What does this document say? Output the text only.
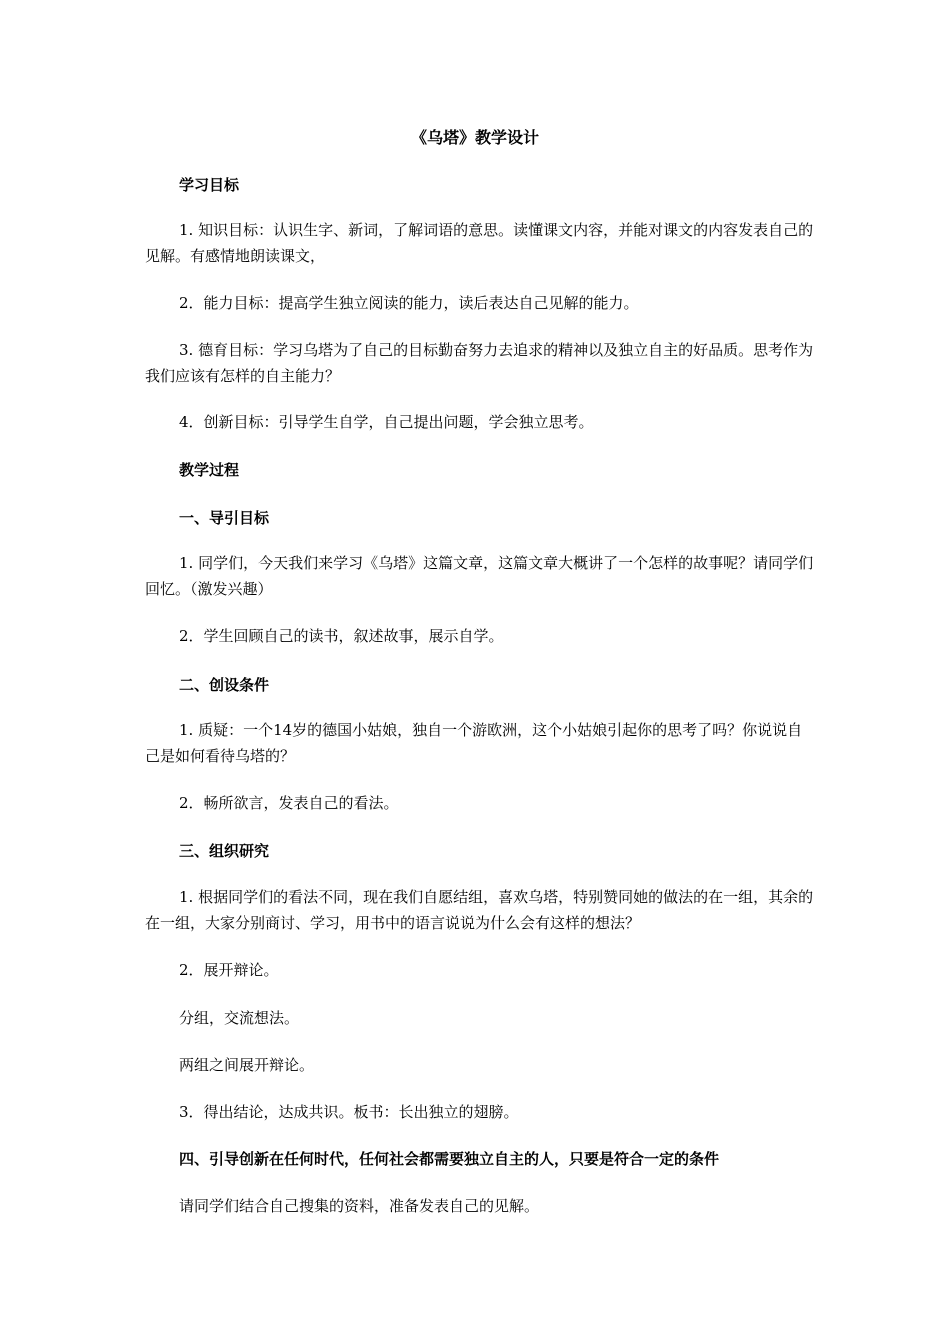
《乌塔》教学设计

学习目标

1. 知识目标：认识生字、新词，了解词语的意思。读懂课文内容，并能对课文的内容发表自己的见解。有感情地朗读课文，

2．能力目标：提高学生独立阅读的能力，读后表达自己见解的能力。

3. 德育目标：学习乌塔为了自己的目标勤奋努力去追求的精神以及独立自主的好品质。思考作为我们应该有怎样的自主能力？

4．创新目标：引导学生自学，自己提出问题，学会独立思考。

教学过程

一、导引目标

1. 同学们，今天我们来学习《乌塔》这篇文章，这篇文章大概讲了一个怎样的故事呢？请同学们回忆。（激发兴趣）

2．学生回顾自己的读书，叙述故事，展示自学。

二、创设条件

1. 质疑：一个14岁的德国小姑娘，独自一个游欧洲，这个小姑娘引起你的思考了吗？你说说自己是如何看待乌塔的？

2．畅所欲言，发表自己的看法。

三、组织研究

1. 根据同学们的看法不同，现在我们自愿结组，喜欢乌塔，特别赞同她的做法的在一组，其余的在一组，大家分别商讨、学习，用书中的语言说说为什么会有这样的想法？

2．展开辩论。

分组，交流想法。

两组之间展开辩论。

3．得出结论，达成共识。板书：长出独立的翅膀。

四、引导创新在任何时代，任何社会都需要独立自主的人，只要是符合一定的条件

请同学们结合自己搜集的资料，准备发表自己的见解。
